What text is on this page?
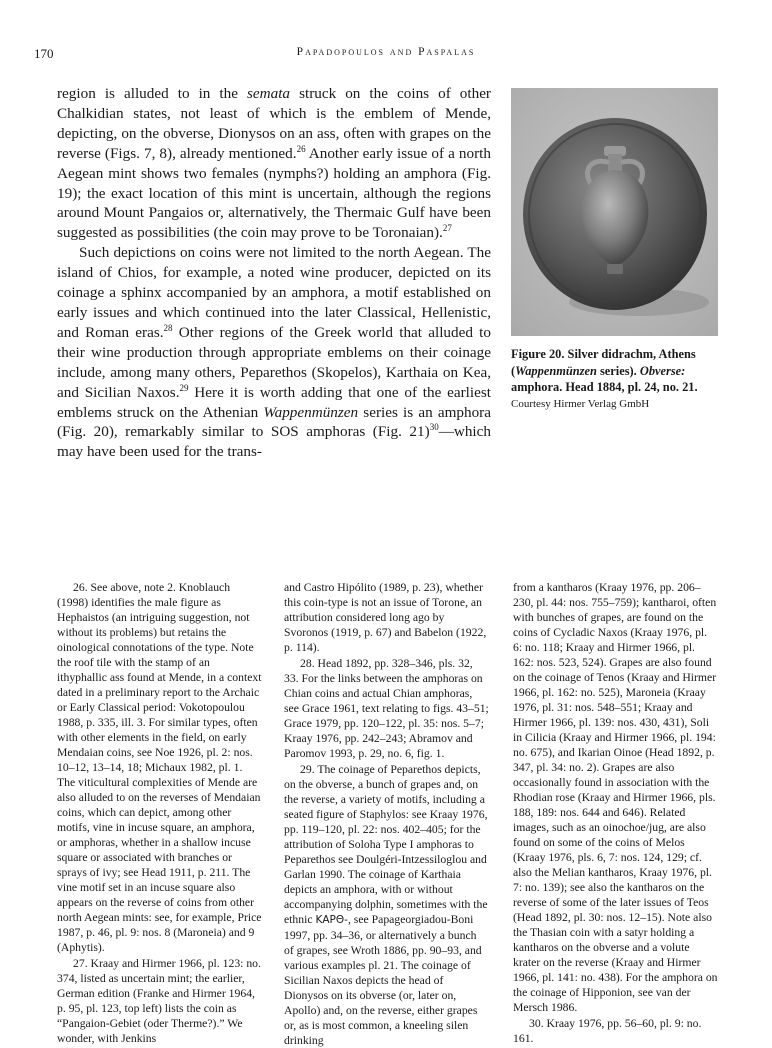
170	Papadopoulos and Paspalas

region is alluded to in the semata struck on the coins of other Chalkidian states, not least of which is the emblem of Mende, depicting, on the obverse, Dionysos on an ass, often with grapes on the reverse (Figs. 7, 8), already mentioned.$^{26}$ Another early issue of a north Aegean mint shows two females (nymphs?) holding an amphora (Fig. 19); the exact location of this mint is uncertain, although the regions around Mount Pangaios or, alternatively, the Thermaic Gulf have been suggested as possibilities (the coin may prove to be Toronaian).$^{27}$

Such depictions on coins were not limited to the north Aegean. The island of Chios, for example, a noted wine producer, depicted on its coinage a sphinx accompanied by an amphora, a motif established on early issues and which continued into the later Classical, Hellenistic, and Roman eras.$^{28}$ Other regions of the Greek world that alluded to their wine production through appropriate emblems on their coinage include, among many others, Peparethos (Skopelos), Karthaia on Kea, and Sicilian Naxos.$^{29}$ Here it is worth adding that one of the earliest emblems struck on the Athenian Wappenmünzen series is an amphora (Fig. 20), remarkably similar to SOS amphoras (Fig. 21)$^{30}$—which may have been used for the trans-

Figure 20. Silver didrachm, Athens (Wappenmünzen series). Obverse: amphora. Head 1884, pl. 24, no. 21.
Courtesy Hirmer Verlag GmbH

26. See above, note 2. Knoblauch (1998) identifies the male figure as Hephaistos (an intriguing suggestion, not without its problems) but retains the oinological connotations of the type. Note the roof tile with the stamp of an ithyphallic ass found at Mende, in a context dated in a preliminary report to the Archaic or Early Classical period: Vokotopoulou 1988, p. 335, ill. 3. For similar types, often with other elements in the field, on early Mendaian coins, see Noe 1926, pl. 2: nos. 10–12, 13–14, 18; Michaux 1982, pl. 1. The viticultural complexities of Mende are also alluded to on the reverses of Mendaian coins, which can depict, among other motifs, vine in incuse square, an amphora, or amphoras, whether in a shallow incuse square or associated with branches or sprays of ivy; see Head 1911, p. 211. The vine motif set in an incuse square also appears on the reverse of coins from other north Aegean mints: see, for example, Price 1987, p. 46, pl. 9: nos. 8 (Maroneia) and 9 (Aphytis).

27. Kraay and Hirmer 1966, pl. 123: no. 374, listed as uncertain mint; the earlier, German edition (Franke and Hirmer 1964, p. 95, pl. 123, top left) lists the coin as “Pangaion-Gebiet (oder Therme?).” We wonder, with Jenkins

and Castro Hipólito (1989, p. 23), whether this coin-type is not an issue of Torone, an attribution considered long ago by Svoronos (1919, p. 67) and Babelon (1922, p. 114).

28. Head 1892, pp. 328–346, pls. 32, 33. For the links between the amphoras on Chian coins and actual Chian amphoras, see Grace 1961, text relating to figs. 43–51; Grace 1979, pp. 120–122, pl. 35: nos. 5–7; Kraay 1976, pp. 242–243; Abramov and Paromov 1993, p. 29, no. 6, fig. 1.

29. The coinage of Peparethos depicts, on the obverse, a bunch of grapes and, on the reverse, a variety of motifs, including a seated figure of Staphylos: see Kraay 1976, pp. 119–120, pl. 22: nos. 402–405; for the attribution of Soloha Type I amphoras to Peparethos see Doulgéri-Intzessiloglou and Garlan 1990. The coinage of Karthaia depicts an amphora, with or without accompanying dolphin, sometimes with the ethnic ΚΑΡΘ-, see Papageorgiadou-Boni 1997, pp. 34–36, or alternatively a bunch of grapes, see Wroth 1886, pp. 90–93, and various examples pl. 21. The coinage of Sicilian Naxos depicts the head of Dionysos on its obverse (or, later on, Apollo) and, on the reverse, either grapes or, as is most common, a kneeling silen drinking

from a kantharos (Kraay 1976, pp. 206–230, pl. 44: nos. 755–759); kantharoi, often with bunches of grapes, are found on the coins of Cycladic Naxos (Kraay 1976, pl. 6: no. 118; Kraay and Hirmer 1966, pl. 162: nos. 523, 524). Grapes are also found on the coinage of Tenos (Kraay and Hirmer 1966, pl. 162: no. 525), Maroneia (Kraay 1976, pl. 31: nos. 548–551; Kraay and Hirmer 1966, pl. 139: nos. 430, 431), Soli in Cilicia (Kraay and Hirmer 1966, pl. 194: no. 675), and Ikarian Oinoe (Head 1892, p. 347, pl. 34: no. 2). Grapes are also occasionally found in association with the Rhodian rose (Kraay and Hirmer 1966, pls. 188, 189: nos. 644 and 646). Related images, such as an oinochoe/jug, are also found on some of the coins of Melos (Kraay 1976, pls. 6, 7: nos. 124, 129; cf. also the Melian kantharos, Kraay 1976, pl. 7: no. 139); see also the kantharos on the reverse of some of the later issues of Teos (Head 1892, pl. 30: nos. 12–15). Note also the Thasian coin with a satyr holding a kantharos on the obverse and a volute krater on the reverse (Kraay and Hirmer 1966, pl. 141: no. 438). For the amphora on the coinage of Hipponion, see van der Mersch 1986.

30. Kraay 1976, pp. 56–60, pl. 9: no. 161.
